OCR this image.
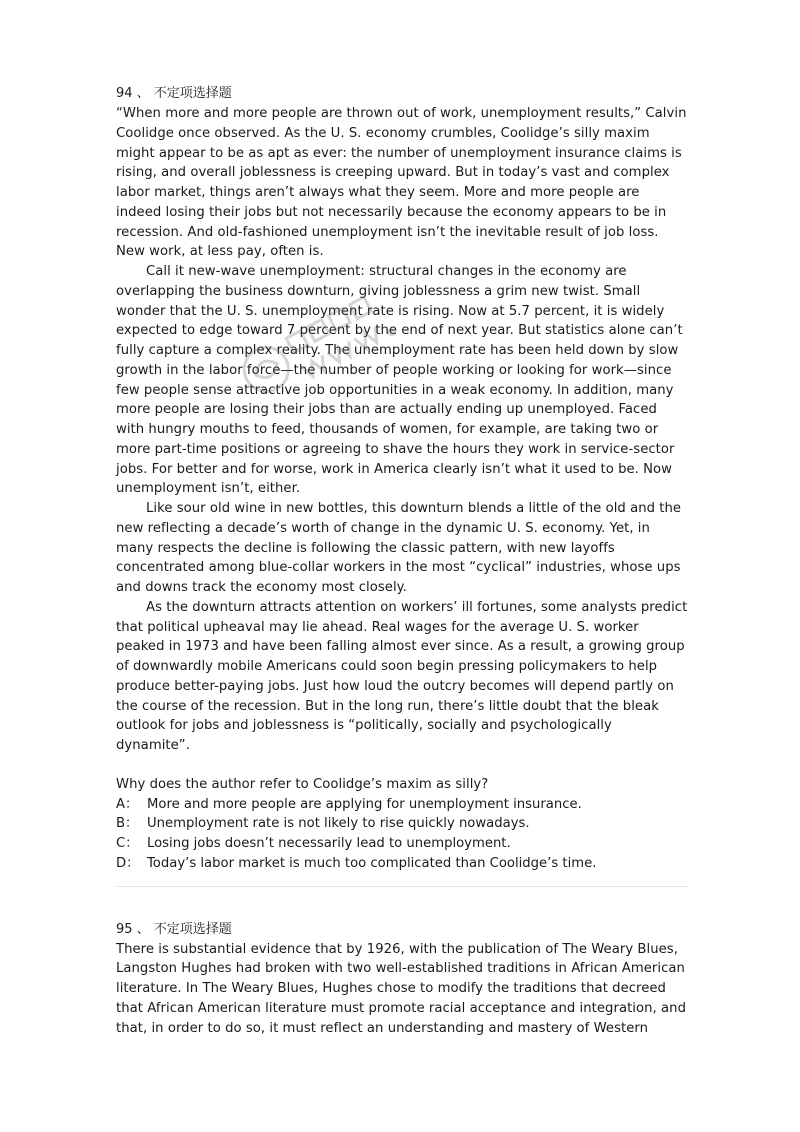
94 、 不定项选择题

“When more and more people are thrown out of work, unemployment results,” Calvin Coolidge once observed. As the U. S. economy crumbles, Coolidge’s silly maxim might appear to be as apt as ever: the number of unemployment insurance claims is rising, and overall joblessness is creeping upward. But in today’s vast and complex labor market, things aren’t always what they seem. More and more people are indeed losing their jobs but not necessarily because the economy appears to be in recession. And old-fashioned unemployment isn’t the inevitable result of job loss. New work, at less pay, often is.

Call it new-wave unemployment: structural changes in the economy are overlapping the business downturn, giving joblessness a grim new twist. Small wonder that the U. S. unemployment rate is rising. Now at 5.7 percent, it is widely expected to edge toward 7 percent by the end of next year. But statistics alone can’t fully capture a complex reality. The unemployment rate has been held down by slow growth in the labor force—the number of people working or looking for work—since few people sense attractive job opportunities in a weak economy. In addition, many more people are losing their jobs than are actually ending up unemployed. Faced with hungry mouths to feed, thousands of women, for example, are taking two or more part-time positions or agreeing to shave the hours they work in service-sector jobs. For better and for worse, work in America clearly isn’t what it used to be. Now unemployment isn’t, either.

Like sour old wine in new bottles, this downturn blends a little of the old and the new reflecting a decade’s worth of change in the dynamic U. S. economy. Yet, in many respects the decline is following the classic pattern, with new layoffs concentrated among blue-collar workers in the most “cyclical” industries, whose ups and downs track the economy most closely.

As the downturn attracts attention on workers’ ill fortunes, some analysts predict that political upheaval may lie ahead. Real wages for the average U. S. worker peaked in 1973 and have been falling almost ever since. As a result, a growing group of downwardly mobile Americans could soon begin pressing policymakers to help produce better-paying jobs. Just how loud the outcry becomes will depend partly on the course of the recession. But in the long run, there’s little doubt that the bleak outlook for jobs and joblessness is “politically, socially and psychologically dynamite”.

Why does the author refer to Coolidge’s maxim as silly?

A： More and more people are applying for unemployment insurance.
B： Unemployment rate is not likely to rise quickly nowadays.
C： Losing jobs doesn’t necessarily lead to unemployment.
D： Today’s labor market is much too complicated than Coolidge’s time.
95 、 不定项选择题

There is substantial evidence that by 1926, with the publication of The Weary Blues, Langston Hughes had broken with two well-established traditions in African American literature. In The Weary Blues, Hughes chose to modify the traditions that decreed that African American literature must promote racial acceptance and integration, and that, in order to do so, it must reflect an understanding and mastery of Western
